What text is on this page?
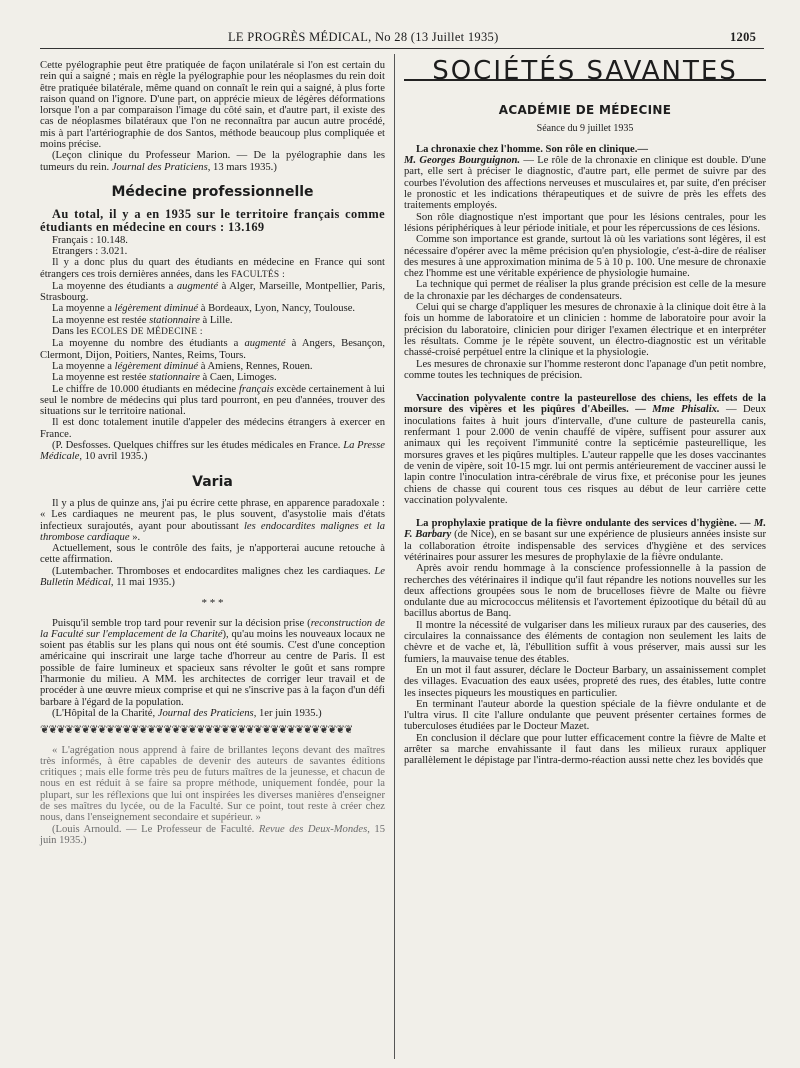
LE PROGRÈS MÉDICAL, No 28 (13 Juillet 1935)	1205

Cette pyélographie peut être pratiquée de façon unilatérale si l'on est certain du rein qui a saigné ; mais en règle la pyélographie pour les néoplasmes du rein doit être pratiquée bilatérale, même quand on connaît le rein qui a saigné, à plus forte raison quand on l'ignore. D'une part, on apprécie mieux de légères déformations lorsque l'on a par comparaison l'image du côté sain, et d'autre part, il existe des cas de néoplasmes bilatéraux que l'on ne reconnaîtra par aucun autre procédé, mis à part l'artériographie de dos Santos, méthode beaucoup plus compliquée et moins précise.

(Leçon clinique du Professeur Marion. — De la pyélographie dans les tumeurs du rein. Journal des Praticiens, 13 mars 1935.)

Médecine professionnelle

Au total, il y a en 1935 sur le territoire français comme étudiants en médecine en cours : 13.169

Français : 10.148.

Etrangers : 3.021.

Il y a donc plus du quart des étudiants en médecine en France qui sont étrangers ces trois dernières années, dans les FACULTÉS :

La moyenne des étudiants a augmenté à Alger, Marseille, Montpellier, Paris, Strasbourg.

La moyenne a légèrement diminué à Bordeaux, Lyon, Nancy, Toulouse.

La moyenne est restée stationnaire à Lille.

Dans les ECOLES DE MÉDECINE :

La moyenne du nombre des étudiants a augmenté à Angers, Besançon, Clermont, Dijon, Poitiers, Nantes, Reims, Tours.

La moyenne a légèrement diminué à Amiens, Rennes, Rouen.

La moyenne est restée stationnaire à Caen, Limoges.

Le chiffre de 10.000 étudiants en médecine français excède certainement à lui seul le nombre de médecins qui plus tard pourront, en peu d'années, trouver des situations sur le territoire national.

Il est donc totalement inutile d'appeler des médecins étrangers à exercer en France.

(P. Desfosses. Quelques chiffres sur les études médicales en France. La Presse Médicale, 10 avril 1935.)

Varia

Il y a plus de quinze ans, j'ai pu écrire cette phrase, en apparence paradoxale : « Les cardiaques ne meurent pas, le plus souvent, d'asystolie mais d'états infectieux surajoutés, ayant pour aboutissant les endocardites malignes et la thrombose cardiaque ».

Actuellement, sous le contrôle des faits, je n'apporterai aucune retouche à cette affirmation.

(Lutembacher. Thromboses et endocardites malignes chez les cardiaques. Le Bulletin Médical, 11 mai 1935.)

* * *

Puisqu'il semble trop tard pour revenir sur la décision prise (reconstruction de la Faculté sur l'emplacement de la Charité), qu'au moins les nouveaux locaux ne soient pas établis sur les plans qui nous ont été soumis. C'est d'une conception américaine qui inscrirait une large tache d'horreur au centre de Paris. Il est possible de faire lumineux et spacieux sans révolter le goût et sans rompre l'harmonie du milieu. A MM. les architectes de corriger leur travail et de procéder à une œuvre mieux comprise et qui ne s'inscrive pas à la façon d'un défi barbare à l'égard de la population.

(L'Hôpital de la Charité, Journal des Praticiens, 1er juin 1935.)

❦❦❦❦❦❦❦❦❦❦❦❦❦❦❦❦❦❦❦❦❦❦❦❦❦❦❦❦❦❦❦❦❦❦❦❦❦❦

« L'agrégation nous apprend à faire de brillantes leçons devant des maîtres très informés, à être capables de devenir des auteurs de savantes éditions critiques ; mais elle forme très peu de futurs maîtres de la jeunesse, et chacun de nous en est réduit à se faire sa propre méthode, uniquement fondée, pour la plupart, sur les réflexions que lui ont inspirées les diverses manières d'enseigner de ses maîtres du lycée, ou de la Faculté. Sur ce point, tout reste à créer chez nous, dans l'enseignement secondaire et supérieur. »

(Louis Arnould. — Le Professeur de Faculté. Revue des Deux-Mondes, 15 juin 1935.)

SOCIÉTÉS SAVANTES
ACADÉMIE DE MÉDECINE
Séance du 9 juillet 1935

La chronaxie chez l'homme. Son rôle en clinique.—
M. Georges Bourguignon. — Le rôle de la chronaxie en clinique est double. D'une part, elle sert à préciser le diagnostic, d'autre part, elle permet de suivre par des courbes l'évolution des affections nerveuses et musculaires et, par suite, d'en préciser le pronostic et les indications thérapeutiques et de suivre de près les effets des traitements employés.

Son rôle diagnostique n'est important que pour les lésions centrales, pour les lésions périphériques à leur période initiale, et pour les répercussions de ces lésions.

Comme son importance est grande, surtout là où les variations sont légères, il est nécessaire d'opérer avec la même précision qu'en physiologie, c'est-à-dire de réaliser des mesures à une approximation minima de 5 à 10 p. 100. Une mesure de chronaxie chez l'homme est une véritable expérience de physiologie humaine.

La technique qui permet de réaliser la plus grande précision est celle de la mesure de la chronaxie par les décharges de condensateurs.

Celui qui se charge d'appliquer les mesures de chronaxie à la clinique doit être à la fois un homme de laboratoire et un clinicien : homme de laboratoire pour avoir la précision du laboratoire, clinicien pour diriger l'examen électrique et en interpréter les résultats. Comme je le répète souvent, un électro-diagnostic est un véritable chassé-croisé perpétuel entre la clinique et la physiologie.

Les mesures de chronaxie sur l'homme resteront donc l'apanage d'un petit nombre, comme toutes les techniques de précision.

Vaccination polyvalente contre la pasteurellose des chiens, les effets de la morsure des vipères et les piqûres d'Abeilles. — Mme Phisalix. — Deux inoculations faites à huit jours d'intervalle, d'une culture de pasteurella canis, renfermant 1 pour 2.000 de venin chauffé de vipère, suffisent pour assurer aux animaux qui les reçoivent l'immunité contre la septicémie pasteurellique, les morsures graves et les piqûres multiples. L'auteur rappelle que les doses vaccinantes de venin de vipère, soit 10-15 mgr. lui ont permis antérieurement de vacciner aussi le lapin contre l'inoculation intra-cérébrale de virus fixe, et préconise pour les jeunes chiens de chasse qui courent tous ces risques au début de leur carrière cette vaccination polyvalente.

La prophylaxie pratique de la fièvre ondulante des services d'hygiène. — M. F. Barbary (de Nice), en se basant sur une expérience de plusieurs années insiste sur la collaboration étroite indispensable des services d'hygiène et des services vétérinaires pour assurer les mesures de prophylaxie de la fièvre ondulante.

Après avoir rendu hommage à la conscience professionnelle à la passion de recherches des vétérinaires il indique qu'il faut répandre les notions nouvelles sur les deux affections groupées sous le nom de brucelloses fièvre de Malte ou fièvre ondulante due au micrococcus mélitensis et l'avortement épizootique du bétail dû au bacillus abortus de Banq.

Il montre la nécessité de vulgariser dans les milieux ruraux par des causeries, des circulaires la connaissance des éléments de contagion non seulement les laits de chèvre et de vache et, là, l'ébullition suffit à vous préserver, mais aussi sur les fumiers, la mauvaise tenue des étables.

En un mot il faut assurer, déclare le Docteur Barbary, un assainissement complet des villages. Evacuation des eaux usées, propreté des rues, des étables, lutte contre les insectes piqueurs les moustiques en particulier.

En terminant l'auteur aborde la question spéciale de la fièvre ondulante et de l'ultra virus. Il cite l'allure ondulante que peuvent présenter certaines formes de tuberculoses étudiées par le Docteur Mazet.

En conclusion il déclare que pour lutter efficacement contre la fièvre de Malte et arrêter sa marche envahissante il faut dans les milieux ruraux appliquer parallèlement le dépistage par l'intra-dermo-réaction aussi nette chez les bovidés que
